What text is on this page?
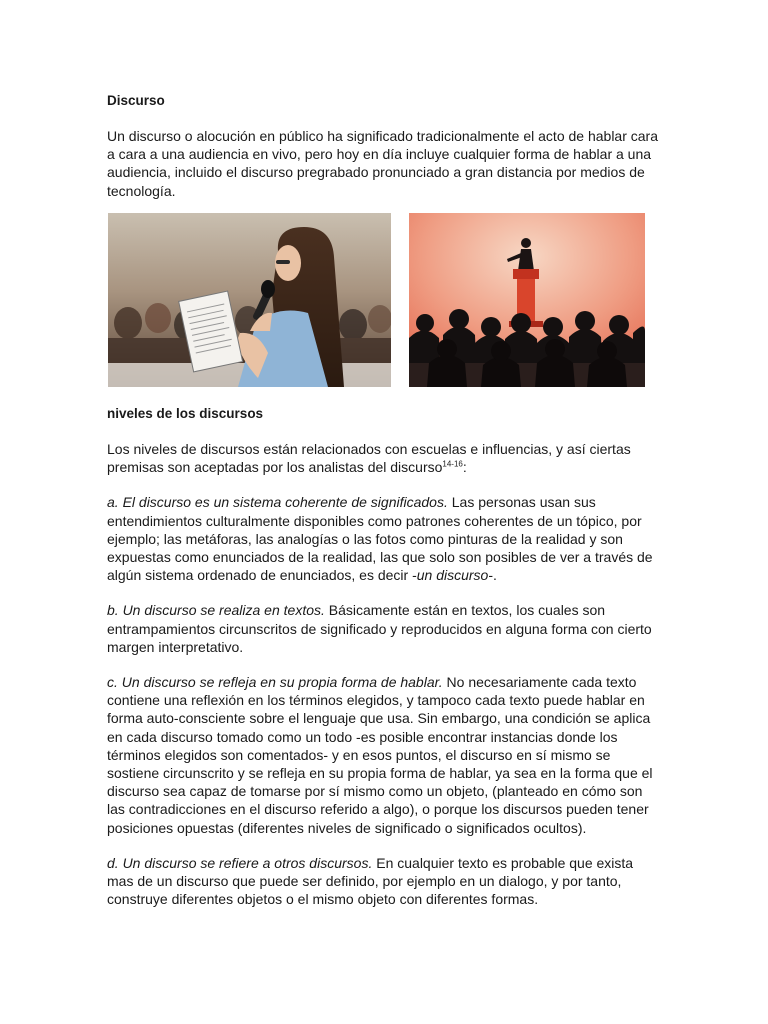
Discurso

Un discurso o alocución en público ha significado tradicionalmente el acto de hablar cara a cara a una audiencia en vivo, pero hoy en día incluye cualquier forma de hablar a una audiencia, incluido el discurso pregrabado pronunciado a gran distancia por medios de tecnología.

niveles de los discursos

Los niveles de discursos están relacionados con escuelas e influencias, y así ciertas premisas son aceptadas por los analistas del discurso$^{14-16}$:

a. El discurso es un sistema coherente de significados. Las personas usan sus entendimientos culturalmente disponibles como patrones coherentes de un tópico, por ejemplo; las metáforas, las analogías o las fotos como pinturas de la realidad y son expuestas como enunciados de la realidad, las que solo son posibles de ver a través de algún sistema ordenado de enunciados, es decir -un discurso-.

b. Un discurso se realiza en textos. Básicamente están en textos, los cuales son entrampamientos circunscritos de significado y reproducidos en alguna forma con cierto margen interpretativo.

c. Un discurso se refleja en su propia forma de hablar. No necesariamente cada texto contiene una reflexión en los términos elegidos, y tampoco cada texto puede hablar en forma auto-consciente sobre el lenguaje que usa. Sin embargo, una condición se aplica en cada discurso tomado como un todo -es posible encontrar instancias donde los términos elegidos son comentados- y en esos puntos, el discurso en sí mismo se sostiene circunscrito y se refleja en su propia forma de hablar, ya sea en la forma que el discurso sea capaz de tomarse por sí mismo como un objeto, (planteado en cómo son las contradicciones en el discurso referido a algo), o porque los discursos pueden tener posiciones opuestas (diferentes niveles de significado o significados ocultos).

d. Un discurso se refiere a otros discursos. En cualquier texto es probable que exista mas de un discurso que puede ser definido, por ejemplo en un dialogo, y por tanto, construye diferentes objetos o el mismo objeto con diferentes formas.
